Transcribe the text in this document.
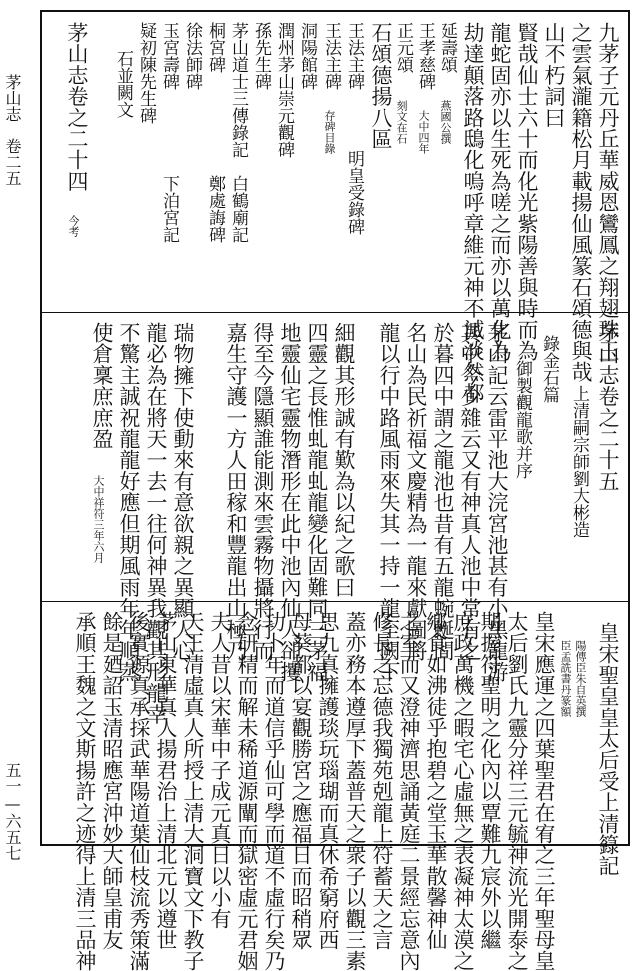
茅山志　卷二五
五一—六五七
九茅子元丹丘華威恩鸞鳳之翔翅珠玉
之雲氣瀧籍松月載揚仙風篆石頌德與哉
山不朽詞曰
賢哉仙士六十而化光紫陽善與時而為
龍蛇固亦以生死為嗟之而亦以萬化為
劫達顛落路鴟化嗚呼章維元神不滅淡然都
延壽頌
燕國公撰
王孝慈碑
大中四年
正元頌
刻文在石
石頌德揚八區
王法主碑
明皇受錄碑
王法主碑
存碑目錄
洞陽館碑
潤州茅山崇元觀碑
孫先生碑
茅山道士三傳錄記
白鶴廟記
桐宮碑
鄭處誨碑
徐法師碑
玉宮壽碑
下泊宮記
疑初陳先生碑
石並闕文
茅山志卷之二十四
今考
茅山志卷之二十五
上清嗣宗師劉大彬造
錄金石篇
御製觀龍歌并序
茅山記云雷平池大浣宮池甚有小黑龍游
其中今少雜云又有神真人池中常有之
於暮四中謂之龍池也昔有五龍蜿蜒間
名山為民祈福文慶精為一龍來獻圖將
龍以行中路風雨來失其一持一龍至闕下
細觀其形誠有歎為以紀之歌曰
四靈之長惟虬龍虬龍變化固難同三茅福
地靈仙宅靈物潛形在此中池內仙人卻攫
得至今隱顯誰能測來雲霧物攝將行而
嘉生守護一方人田稼和豐龍出山極乃
瑞物擁下使動來有意欲親之異顯人心
龍必為在將天一去一往何神異我觀其形龍幸
不驚主誠祝龍龍好應但期風雨年年順蒸
使倉稟庶庶盈
大中祥符三年六月
皇宋聖皇皇太后受上清籙記
陽傳臣朱自英撰
臣孟詵書丹篆額
皇宋應運之四葉聖君在宥之三年聖母皇
太后劉氏九靈分祥三元毓神流光開泰之
期握符聖明之化內以覃難九宸外以繼
庶政萬機之暇宅心虛無之表凝神太漠之
鄉食如沸徒乎抱碧之堂玉華散馨神仙
之室而又澄神濟思誦黃庭二景經忘意內
修長之忘德我獨苑剋龍上符蓄天之言
蓋亦務本遵厚下蓋普天之衆子以觀三素
思九真擁護琰玩瑙瑚而真休希窮府西
母葵都以宴觀勝宮之應福日而昭稍眾
功卜年而道信乎仙可學而道不虛行矣乃
念研精而解未稀道源闡而獄密虛元君姻
夫人昔以宋華中子成元真日以小有
天王清虛真人所授上清大洞寶文下教子
茅山東華真人揚君治上清北元以遵世
後實源真承採武華陽道葉仙枝流秀策滿
餘是廼詔玉清昭應宮沖妙大師皇甫友
承順王魏之文斯揚許之迹得上清三品神
